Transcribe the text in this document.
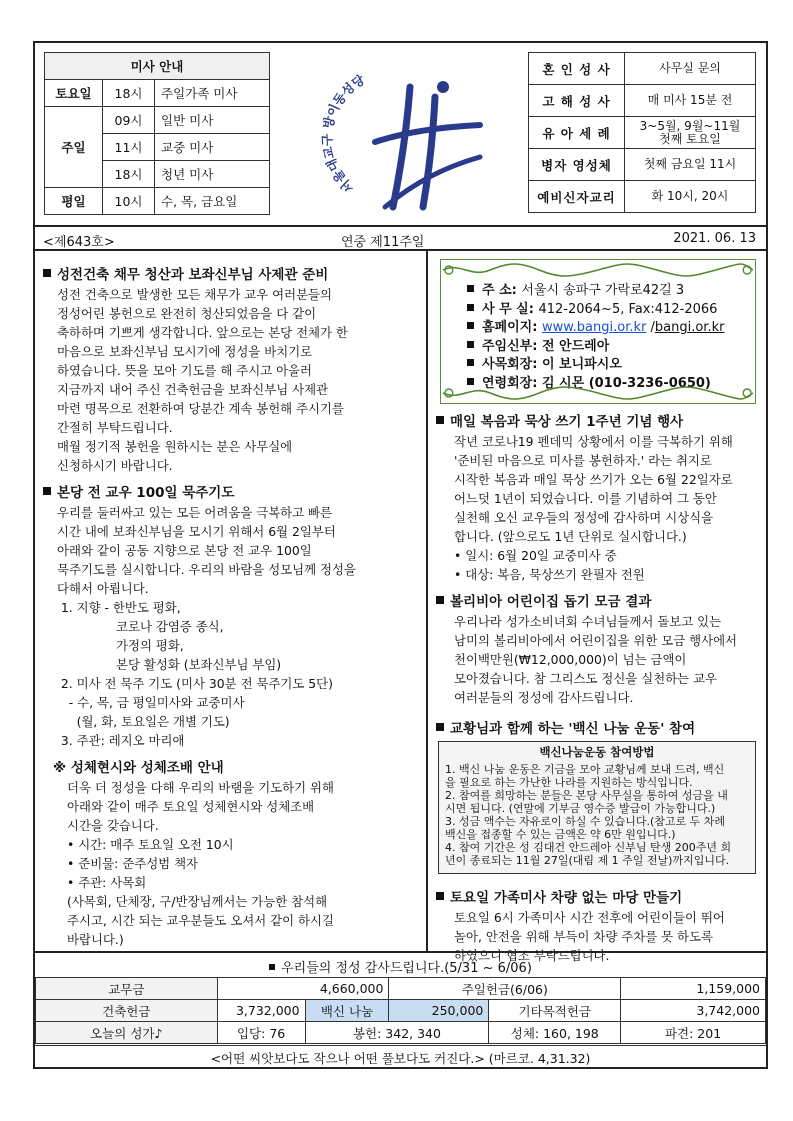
미사 안내		
토요일	18시	주일가족 미사
주일	09시	일반 미사
	11시	교중 미사
	18시	청년 미사
평일	10시	수, 목, 금요일
서울대교구 방이동성당
혼 인 성 사	사무실 문의
고 해 성 사	매 미사 15분 전
유 아 세 례	3~5월, 9월~11월
첫째 토요일

병자 영성체	첫째 금요일 11시
예비신자교리	화 10시, 20시
<제643호>	연중 제11주일	2021. 06. 13
성전건축 채무 청산과 보좌신부님 사제관 준비
성전 건축으로 발생한 모든 채무가 교우 여러분들의
정성어린 봉헌으로 완전히 청산되었음을 다 같이
축하하며 기쁘게 생각합니다. 앞으로는 본당 전체가 한
마음으로 보좌신부님 모시기에 정성을 바치기로
하였습니다. 뜻을 모아 기도를 해 주시고 아울러
지금까지 내어 주신 건축헌금을 보좌신부님 사제관
마련 명목으로 전환하여 당분간 계속 봉헌해 주시기를
간절히 부탁드립니다.
매월 정기적 봉헌을 원하시는 분은 사무실에
신청하시기 바랍니다.
본당 전 교우 100일 묵주기도
우리를 둘러싸고 있는 모든 어려움을 극복하고 빠른
시간 내에 보좌신부님을 모시기 위해서 6월 2일부터
아래와 같이 공동 지향으로 본당 전 교우 100일
묵주기도를 실시합니다. 우리의 바람을 성모님께 정성을
다해서 아룁니다.
1. 지향 - 한반도 평화,
코로나 감염증 종식,
가정의 평화,
본당 활성화 (보좌신부님 부임)
2. 미사 전 묵주 기도 (미사 30분 전 묵주기도 5단)
- 수, 목, 금 평일미사와 교중미사
(월, 화, 토요일은 개별 기도)
3. 주관: 레지오 마리애
※ 성체현시와 성체조배 안내
더욱 더 정성을 다해 우리의 바램을 기도하기 위해
아래와 같이 매주 토요일 성체현시와 성체조배
시간을 갖습니다.
• 시간: 매주 토요일 오전 10시
• 준비물: 준주성범 책자
• 주관: 사목회
(사목회, 단체장, 구/반장님께서는 가능한 참석해
주시고, 시간 되는 교우분들도 오셔서 같이 하시길
바랍니다.)
주 소: 서울시 송파구 가락로42길 3
사 무 실: 412-2064~5, Fax:412-2066
홈페이지: www.bangi.or.kr /bangi.or.kr
주임신부: 전 안드레아
사목회장: 이 보니파시오
연령회장: 김 시몬 (010-3236-0650)
매일 복음과 묵상 쓰기 1주년 기념 행사
작년 코로나19 펜데믹 상황에서 이를 극복하기 위해
'준비된 마음으로 미사를 봉헌하자.' 라는 취지로
시작한 복음과 매일 묵상 쓰기가 오는 6월 22일자로
어느덧 1년이 되었습니다. 이를 기념하여 그 동안
실천해 오신 교우들의 정성에 감사하며 시상식을
합니다. (앞으로도 1년 단위로 실시합니다.)
• 일시: 6월 20일 교중미사 중
• 대상: 복음, 묵상쓰기 완필자 전원
볼리비아 어린이집 돕기 모금 결과
우리나라 성가소비녀회 수녀님들께서 돌보고 있는
남미의 볼리비아에서 어린이집을 위한 모금 행사에서
천이백만원(₩12,000,000)이 넘는 금액이
모아졌습니다. 참 그리스도 정신을 실천하는 교우
여러분들의 정성에 감사드립니다.
교황님과 함께 하는 '백신 나눔 운동' 참여
백신나눔운동 참여방법
1. 백신 나눔 운동은 기금을 모아 교황님께 보내 드려, 백신
을 필요로 하는 가난한 나라를 지원하는 방식입니다.
2. 참여를 희망하는 분들은 본당 사무실을 통하여 성금을 내
시면 됩니다. (연말에 기부금 영수증 발급이 가능합니다.)
3. 성금 액수는 자유로이 하실 수 있습니다.(참고로 두 차례
백신을 접종할 수 있는 금액은 약 6만 원입니다.)
4. 참여 기간은 성 김대건 안드레아 신부님 탄생 200주년 희
년이 종료되는 11월 27일(대림 제 1 주일 전날)까지입니다.
토요일 가족미사 차량 없는 마당 만들기
토요일 6시 가족미사 시간 전후에 어린이들이 뛰어
놀아, 안전을 위해 부득이 차량 주차를 못 하도록
하였으니 협조 부탁드립니다.
우리들의 정성 감사드립니다.(5/31 ~ 6/06)
교무금	4,660,000		주일헌금(6/06)		1,159,000
건축헌금	3,732,000	백신 나눔	250,000	기타목적헌금	3,742,000
오늘의 성가♪	입당: 76	봉헌: 342, 340		성체: 160, 198	파견: 201
<어떤 씨앗보다도 작으나 어떤 풀보다도 커진다.> (마르코. 4,31.32)
